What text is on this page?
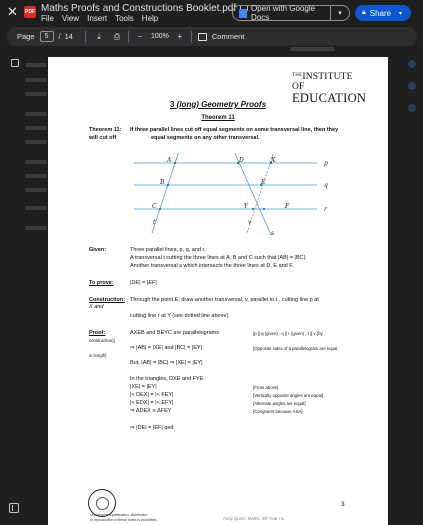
✕ PDF Maths Proofs and Constructions Booklet.pdf
File View Insert Tools Help
Open with Google Docs	▾	🔒︎ Share	▾
Page	5	/ 14	⤓	⎙	−	100%	+	Comment
$^{THE}$INSTITUTE OF
EDUCATION
3 (long) Geometry Proofs
Theorem 11
Theorem 11: If three parallel lines cut off equal segments on some transversal line, then they
will cut off	equal segments on any other transversal.
A
B
C
D
E
X
Y	F
t	v
s
p
q
r
Given:	Three parallel lines, p, q, and r.
A transversal t cutting the three lines at A, B and C such that |AB| = |BC|.
Another transversal s which intersects the three lines at D, E and F.
To prove:	|DE| = |EF|
Construction: Through the point E, draw another transversal, v, parallel to t , cutting line p at
X and
cutting line r at Y (see dotted line above).
Proof:	AXEB and BEYC are parallelograms	[p ∥ q (given) ; q ∥ r (given) ; t ∥ v (by
construction)]
⇒ |AB| = |XE| and |BC| = |EY|	[Opposite sides of a parallelogram are equal
in length]
But, |AB| = |BC| ⇒ |XE| = |EY|
In the triangles, DXE and FYE
|XE| = |EY|	[From above]
|< DEX| = |< FEY|	[Vertically opposite angles are equal]
|< EDX| = |< EFY|	[Alternate angles are equal]
⇒ ΔDEX ≡ ΔFEY	[Congruent because ASA]
⇒ |DE| = |EF| qed
Unauthorised publication, distribution
or reproduction of these notes is prohibited.
3
Andy Quinn. Maths. 5th Year HL.
